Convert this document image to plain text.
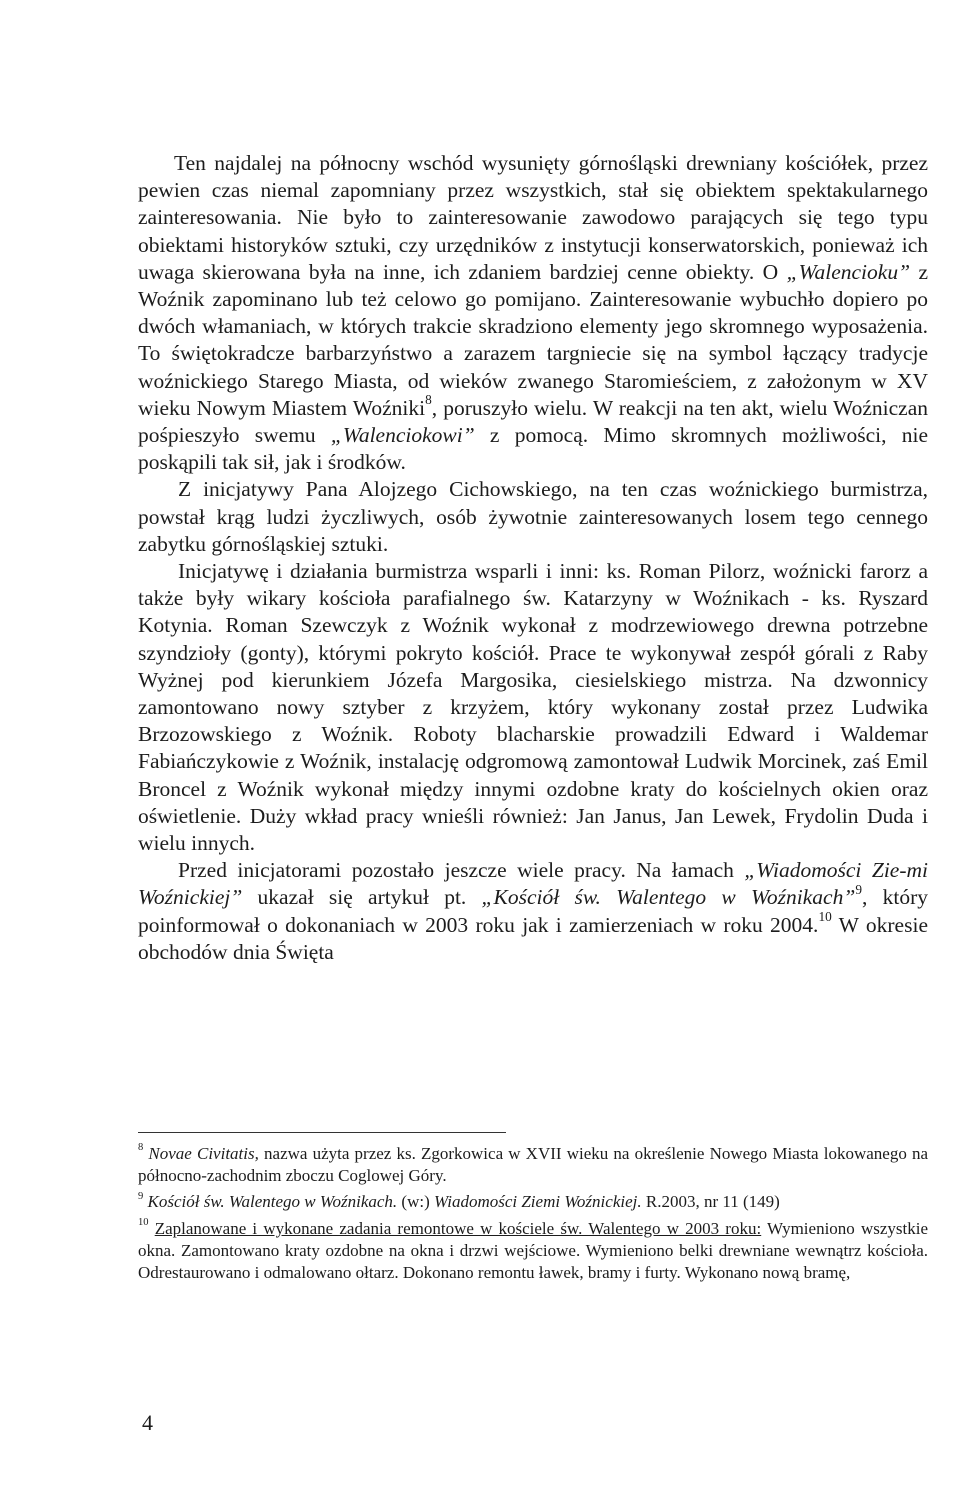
Ten najdalej na północny wschód wysunięty górnośląski drewniany kościółek, przez pewien czas niemal zapomniany przez wszystkich, stał się obiektem spektakularnego zainteresowania. Nie było to zainteresowanie zawodowo parających się tego typu obiektami historyków sztuki, czy urzędników z instytucji konserwatorskich, ponieważ ich uwaga skierowana była na inne, ich zdaniem bardziej cenne obiekty. O „Walencioku” z Woźnik zapominano lub też celowo go pomijano. Zainteresowanie wybuchło dopiero po dwóch włamaniach, w których trakcie skradziono elementy jego skromnego wyposażenia. To świętokradcze barbarzyństwo a zarazem targniecie się na symbol łączący tradycje woźnickiego Starego Miasta, od wieków zwanego Staromieściem, z założonym w XV wieku Nowym Miastem Woźniki$^8$, poruszyło wielu. W reakcji na ten akt, wielu Woźniczan pośpieszyło swemu „Walenciokowi” z pomocą. Mimo skromnych możliwości, nie poskąpili tak sił, jak i środków.

Z inicjatywy Pana Alojzego Cichowskiego, na ten czas woźnickiego burmistrza, powstał krąg ludzi życzliwych, osób żywotnie zainteresowanych losem tego cennego zabytku górnośląskiej sztuki.

Inicjatywę i działania burmistrza wsparli i inni: ks. Roman Pilorz, woźnicki farorz a także były wikary kościoła parafialnego św. Katarzyny w Woźnikach - ks. Ryszard Kotynia. Roman Szewczyk z Woźnik wykonał z modrzewiowego drewna potrzebne szyndzioły (gonty), którymi pokryto kościół. Prace te wykonywał zespół górali z Raby Wyżnej pod kierunkiem Józefa Margosika, ciesielskiego mistrza. Na dzwonnicy zamontowano nowy sztyber z krzyżem, który wykonany został przez Ludwika Brzozowskiego z Woźnik. Roboty blacharskie prowadzili Edward i Waldemar Fabiańczykowie z Woźnik, instalację odgromową zamontował Ludwik Morcinek, zaś Emil Broncel z Woźnik wykonał między innymi ozdobne kraty do kościelnych okien oraz oświetlenie. Duży wkład pracy wnieśli również: Jan Janus, Jan Lewek, Frydolin Duda i wielu innych.

Przed inicjatorami pozostało jeszcze wiele pracy. Na łamach „Wiadomości Zie-mi Woźnickiej” ukazał się artykuł pt. „Kościół św. Walentego w Woźnikach”$^9$, który poinformował o dokonaniach w 2003 roku jak i zamierzeniach w roku 2004.10 W okresie obchodów dnia Święta

$^8$ Novae Civitatis, nazwa użyta przez ks. Zgorkowica w XVII wieku na określenie Nowego Miasta lokowanego na północno-zachodnim zboczu Coglowej Góry.

$^9$ Kościół św. Walentego w Woźnikach. (w:) Wiadomości Ziemi Woźnickiej. R.2003, nr 11 (149)

$^{10}$ Zaplanowane i wykonane zadania remontowe w kościele św. Walentego w 2003 roku: Wymieniono wszystkie okna. Zamontowano kraty ozdobne na okna i drzwi wejściowe. Wymieniono belki drewniane wewnątrz kościoła. Odrestaurowano i odmalowano ołtarz. Dokonano remontu ławek, bramy i furty. Wykonano nową bramę,

4
